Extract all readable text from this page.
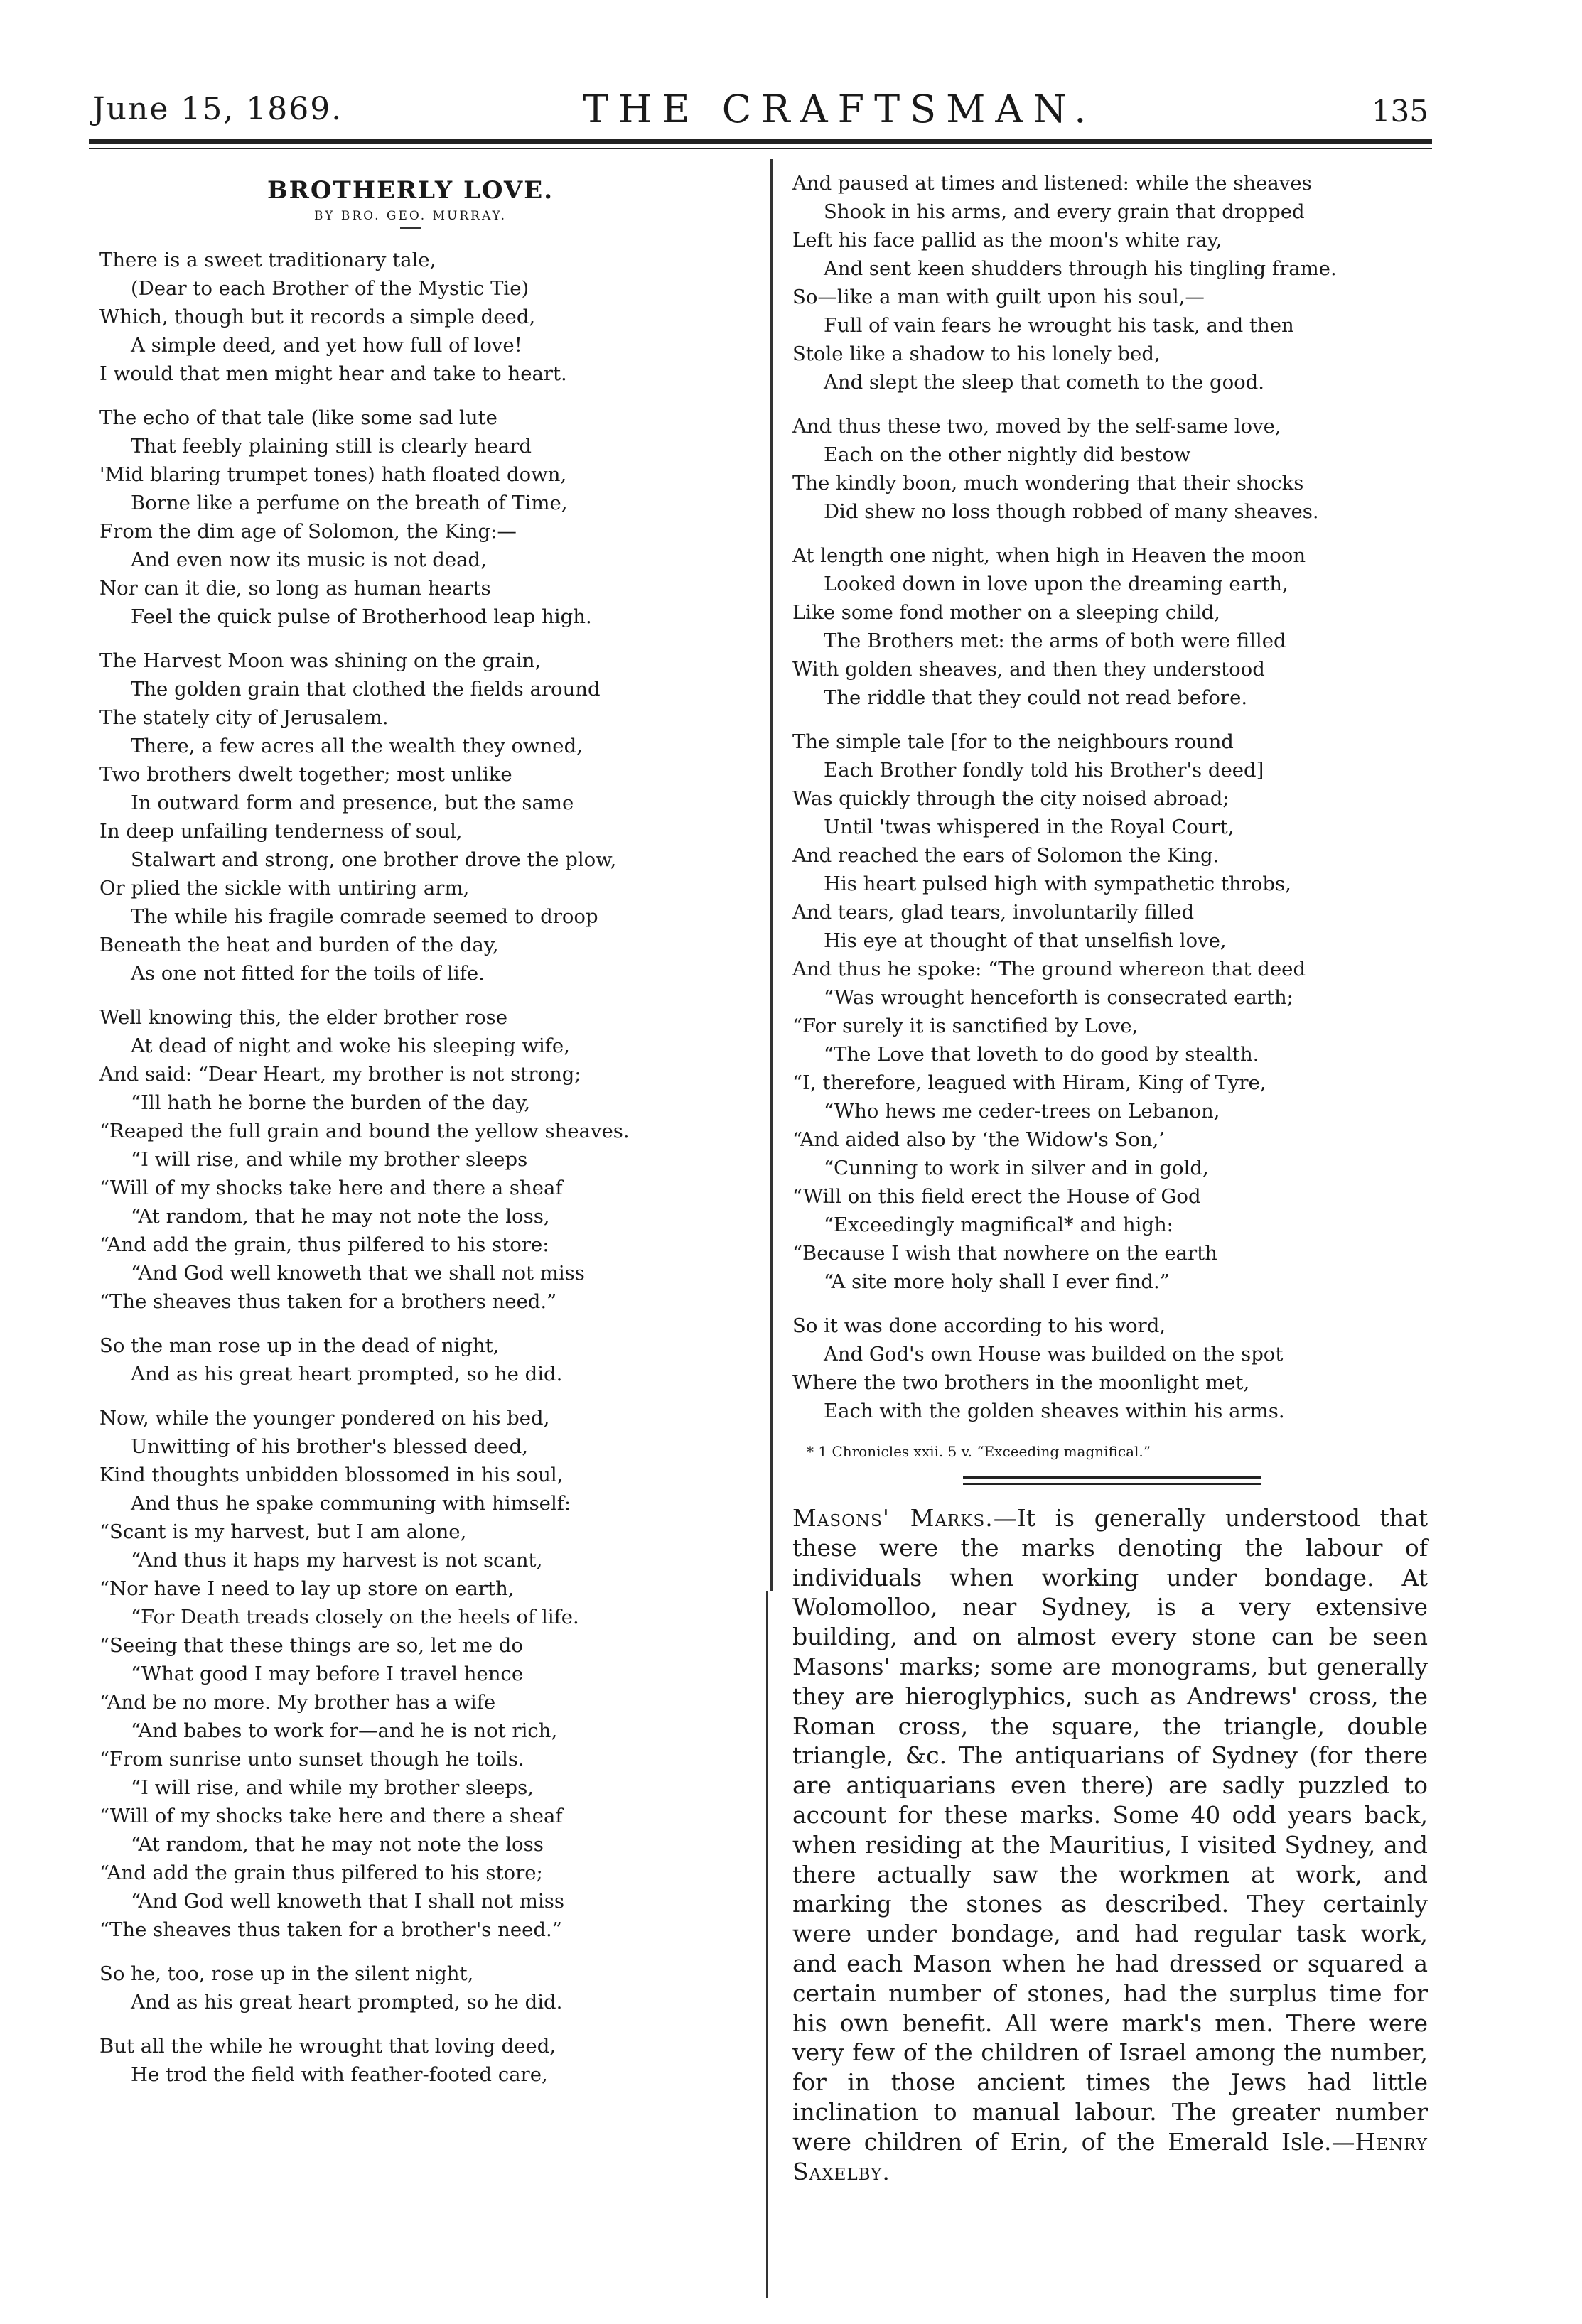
June 15, 1869.	THE CRAFTSMAN.	135
BROTHERLY LOVE.
BY BRO. GEO. MURRAY.
There is a sweet traditionary tale,
(Dear to each Brother of the Mystic Tie)
Which, though but it records a simple deed,
A simple deed, and yet how full of love!
I would that men might hear and take to heart.
The echo of that tale (like some sad lute
That feebly plaining still is clearly heard
'Mid blaring trumpet tones) hath floated down,
Borne like a perfume on the breath of Time,
From the dim age of Solomon, the King:—
And even now its music is not dead,
Nor can it die, so long as human hearts
Feel the quick pulse of Brotherhood leap high.
The Harvest Moon was shining on the grain,
The golden grain that clothed the fields around
The stately city of Jerusalem.
There, a few acres all the wealth they owned,
Two brothers dwelt together; most unlike
In outward form and presence, but the same
In deep unfailing tenderness of soul,
Stalwart and strong, one brother drove the plow,
Or plied the sickle with untiring arm,
The while his fragile comrade seemed to droop
Beneath the heat and burden of the day,
As one not fitted for the toils of life.
Well knowing this, the elder brother rose
At dead of night and woke his sleeping wife,
And said: “Dear Heart, my brother is not strong;
“Ill hath he borne the burden of the day,
“Reaped the full grain and bound the yellow sheaves.
“I will rise, and while my brother sleeps
“Will of my shocks take here and there a sheaf
“At random, that he may not note the loss,
“And add the grain, thus pilfered to his store:
“And God well knoweth that we shall not miss
“The sheaves thus taken for a brothers need.”
So the man rose up in the dead of night,
And as his great heart prompted, so he did.
Now, while the younger pondered on his bed,
Unwitting of his brother's blessed deed,
Kind thoughts unbidden blossomed in his soul,
And thus he spake communing with himself:
“Scant is my harvest, but I am alone,
“And thus it haps my harvest is not scant,
“Nor have I need to lay up store on earth,
“For Death treads closely on the heels of life.
“Seeing that these things are so, let me do
“What good I may before I travel hence
“And be no more. My brother has a wife
“And babes to work for—and he is not rich,
“From sunrise unto sunset though he toils.
“I will rise, and while my brother sleeps,
“Will of my shocks take here and there a sheaf
“At random, that he may not note the loss
“And add the grain thus pilfered to his store;
“And God well knoweth that I shall not miss
“The sheaves thus taken for a brother's need.”
So he, too, rose up in the silent night,
And as his great heart prompted, so he did.
But all the while he wrought that loving deed,
He trod the field with feather-footed care,
And paused at times and listened: while the sheaves
Shook in his arms, and every grain that dropped
Left his face pallid as the moon's white ray,
And sent keen shudders through his tingling frame.
So—like a man with guilt upon his soul,—
Full of vain fears he wrought his task, and then
Stole like a shadow to his lonely bed,
And slept the sleep that cometh to the good.
And thus these two, moved by the self-same love,
Each on the other nightly did bestow
The kindly boon, much wondering that their shocks
Did shew no loss though robbed of many sheaves.
At length one night, when high in Heaven the moon
Looked down in love upon the dreaming earth,
Like some fond mother on a sleeping child,
The Brothers met: the arms of both were filled
With golden sheaves, and then they understood
The riddle that they could not read before.
The simple tale [for to the neighbours round
Each Brother fondly told his Brother's deed]
Was quickly through the city noised abroad;
Until 'twas whispered in the Royal Court,
And reached the ears of Solomon the King.
His heart pulsed high with sympathetic throbs,
And tears, glad tears, involuntarily filled
His eye at thought of that unselfish love,
And thus he spoke: “The ground whereon that deed
“Was wrought henceforth is consecrated earth;
“For surely it is sanctified by Love,
“The Love that loveth to do good by stealth.
“I, therefore, leagued with Hiram, King of Tyre,
“Who hews me ceder-trees on Lebanon,
“And aided also by ‘the Widow's Son,’
“Cunning to work in silver and in gold,
“Will on this field erect the House of God
“Exceedingly magnifical* and high:
“Because I wish that nowhere on the earth
“A site more holy shall I ever find.”
So it was done according to his word,
And God's own House was builded on the spot
Where the two brothers in the moonlight met,
Each with the golden sheaves within his arms.
* 1 Chronicles xxii. 5 v. “Exceeding magnifical.”

Masons' Marks.—It is generally understood that these were the marks denoting the labour of individuals when working under bondage. At Wolomolloo, near Sydney, is a very extensive building, and on almost every stone can be seen Masons' marks; some are monograms, but generally they are hieroglyphics, such as Andrews' cross, the Roman cross, the square, the triangle, double triangle, &c. The antiquarians of Sydney (for there are antiquarians even there) are sadly puzzled to account for these marks. Some 40 odd years back, when residing at the Mauritius, I visited Sydney, and there actually saw the workmen at work, and marking the stones as described. They certainly were under bondage, and had regular task work, and each Mason when he had dressed or squared a certain number of stones, had the surplus time for his own benefit. All were mark's men. There were very few of the children of Israel among the number, for in those ancient times the Jews had little inclination to manual labour. The greater number were children of Erin, of the Emerald Isle.—Henry Saxelby.
